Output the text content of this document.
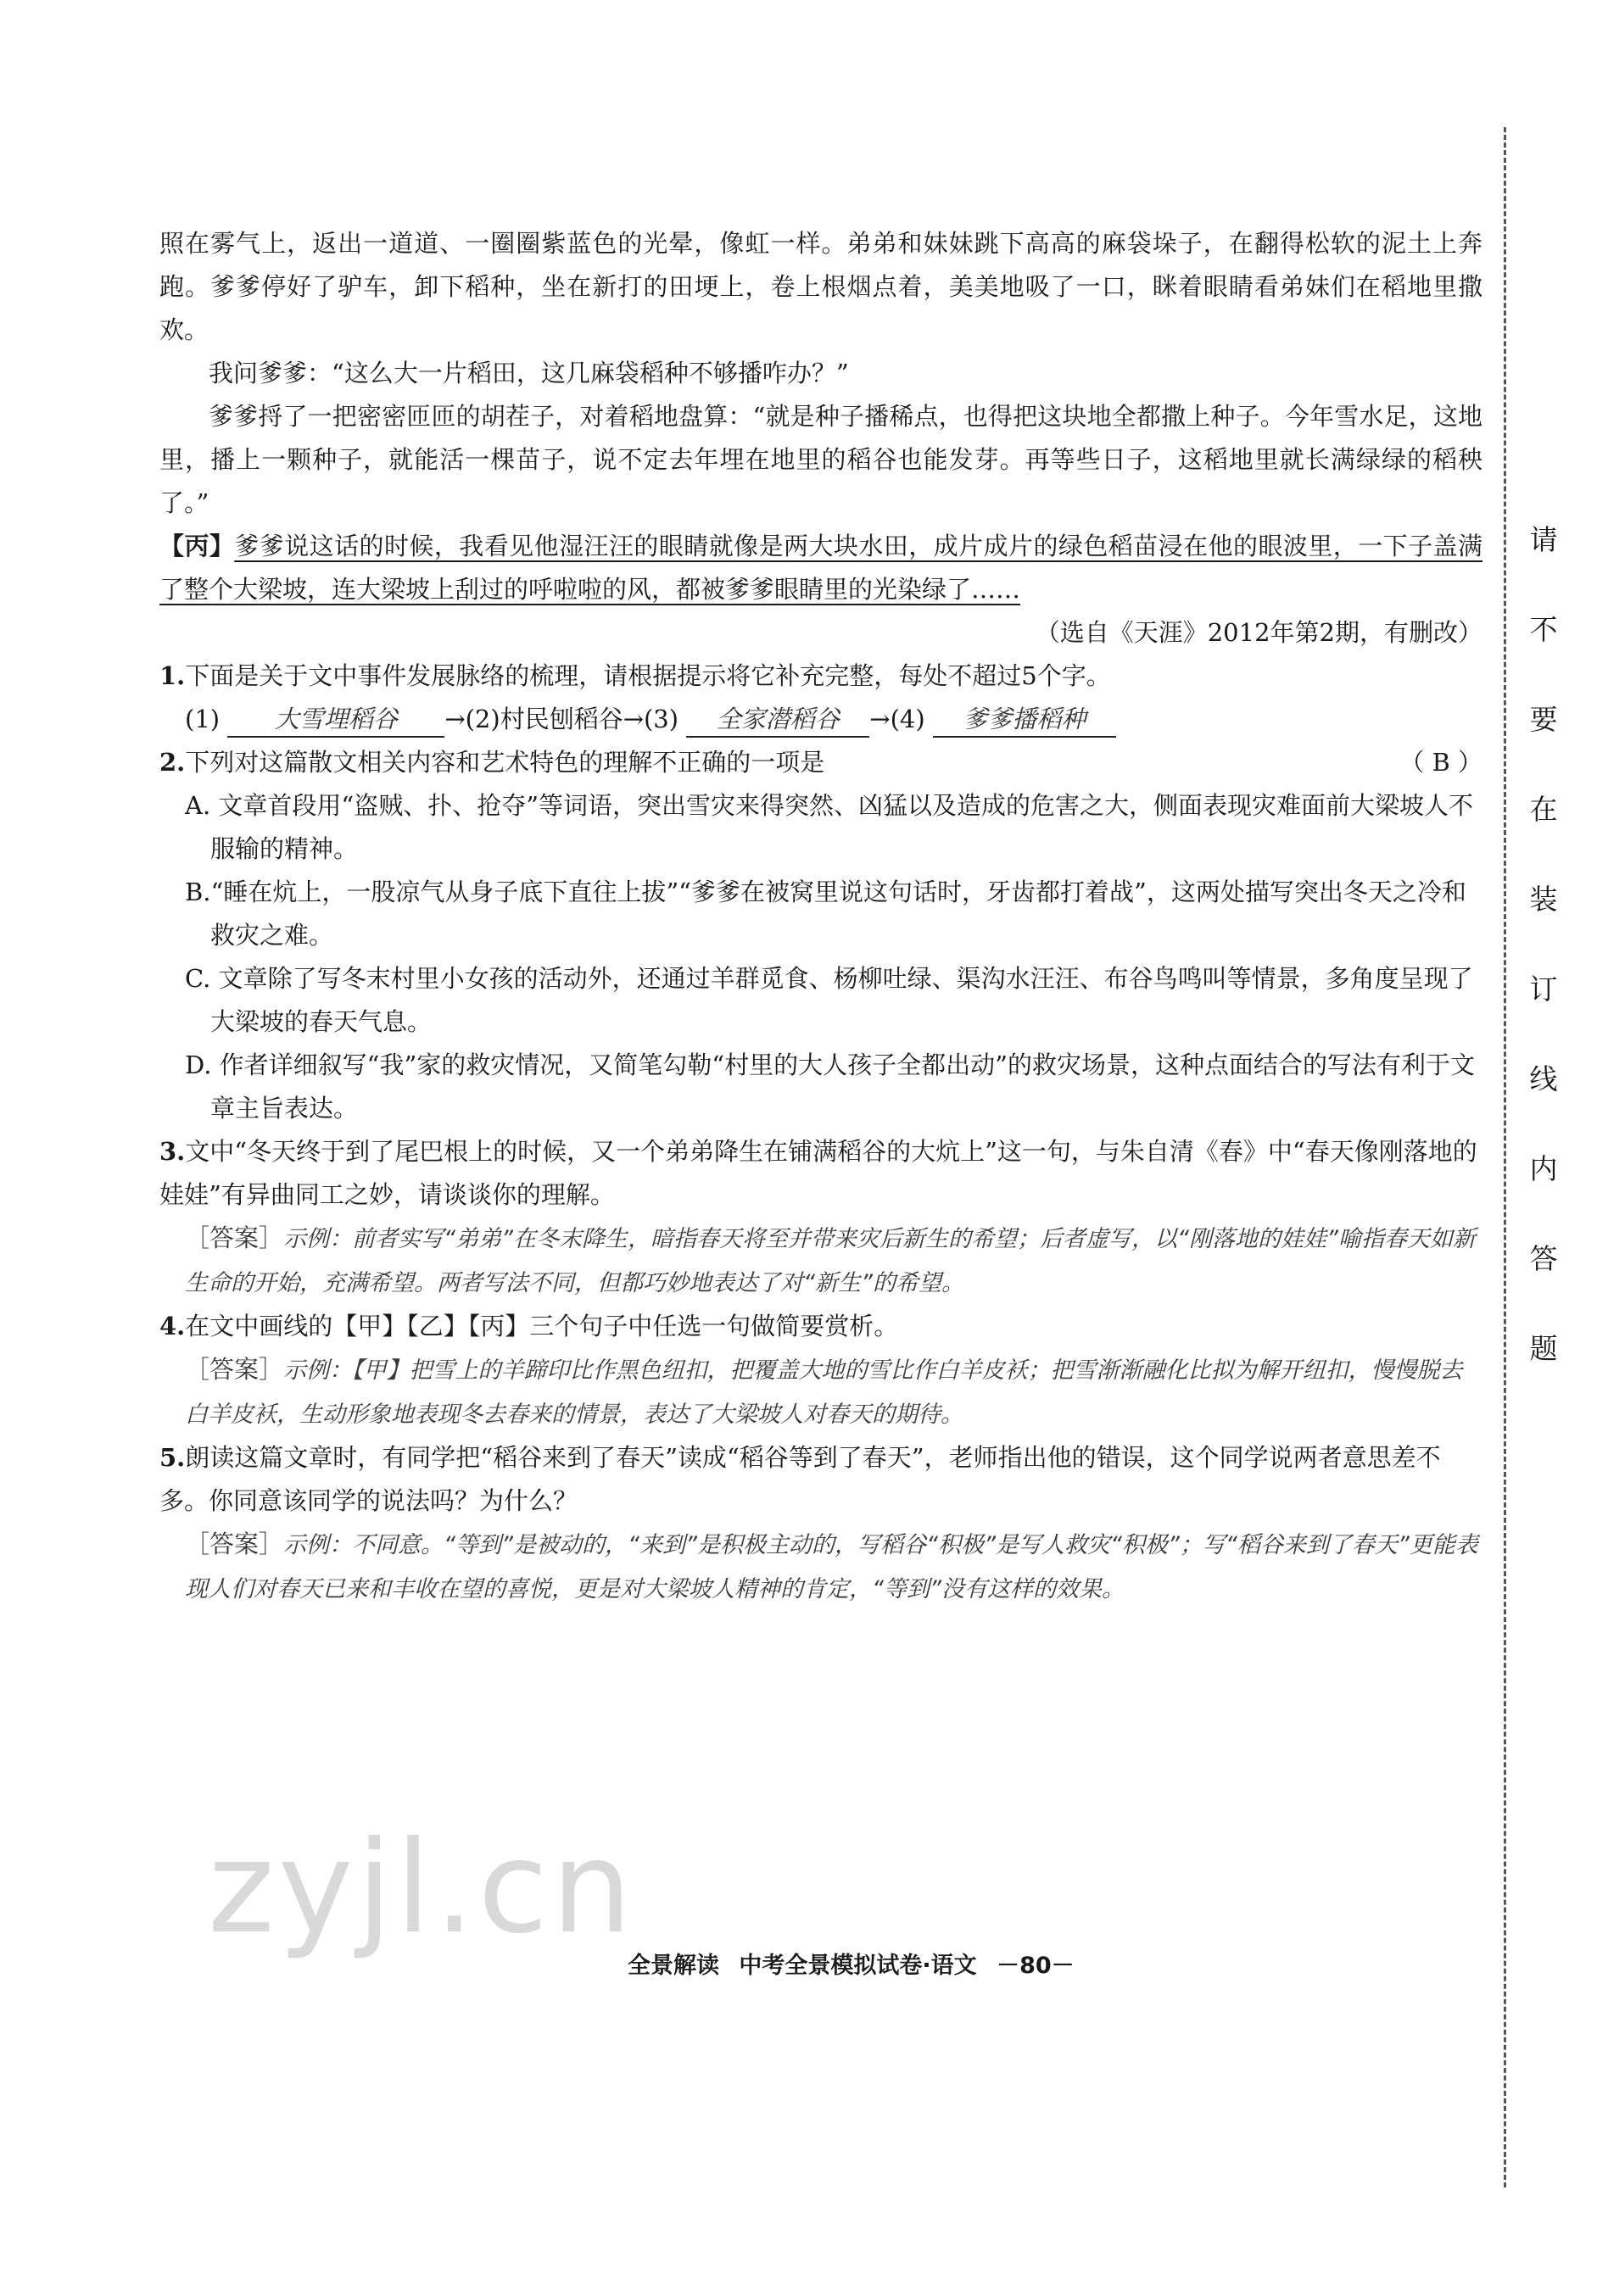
请
不
要
在
装
订
线
内
答
题

照在雾气上，返出一道道、一圈圈紫蓝色的光晕，像虹一样。弟弟和妹妹跳下高高的麻袋垛子，在翻得松软的泥土上奔跑。爹爹停好了驴车，卸下稻种，坐在新打的田埂上，卷上根烟点着，美美地吸了一口，眯着眼睛看弟妹们在稻地里撒欢。

我问爹爹：“这么大一片稻田，这几麻袋稻种不够播咋办？”

爹爹捋了一把密密匝匝的胡茬子，对着稻地盘算：“就是种子播稀点，也得把这块地全都撒上种子。今年雪水足，这地里，播上一颗种子，就能活一棵苗子，说不定去年埋在地里的稻谷也能发芽。再等些日子，这稻地里就长满绿绿的稻秧了。”

【丙】爹爹说这话的时候，我看见他湿汪汪的眼睛就像是两大块水田，成片成片的绿色稻苗浸在他的眼波里，一下子盖满了整个大梁坡，连大梁坡上刮过的呼啦啦的风，都被爹爹眼睛里的光染绿了……

（选自《天涯》2012年第2期，有删改）

1.下面是关于文中事件发展脉络的梳理，请根据提示将它补充完整，每处不超过5个字。

(1) 大雪埋稻谷 →(2)村民刨稻谷→(3) 全家潜稻谷 →(4) 爹爹播稻种

2.下列对这篇散文相关内容和艺术特色的理解不正确的一项是	（ B ）

A. 文章首段用“盗贼、扑、抢夺”等词语，突出雪灾来得突然、凶猛以及造成的危害之大，侧面表现灾难面前大梁坡人不服输的精神。

B.“睡在炕上，一股凉气从身子底下直往上拔”“爹爹在被窝里说这句话时，牙齿都打着战”，这两处描写突出冬天之冷和救灾之难。

C. 文章除了写冬末村里小女孩的活动外，还通过羊群觅食、杨柳吐绿、渠沟水汪汪、布谷鸟鸣叫等情景，多角度呈现了大梁坡的春天气息。

D. 作者详细叙写“我”家的救灾情况，又简笔勾勒“村里的大人孩子全都出动”的救灾场景，这种点面结合的写法有利于文章主旨表达。

3.文中“冬天终于到了尾巴根上的时候，又一个弟弟降生在铺满稻谷的大炕上”这一句，与朱自清《春》中“春天像刚落地的娃娃”有异曲同工之妙，请谈谈你的理解。

［答案］示例：前者实写“弟弟”在冬末降生，暗指春天将至并带来灾后新生的希望；后者虚写，以“刚落地的娃娃”喻指春天如新生命的开始，充满希望。两者写法不同，但都巧妙地表达了对“新生”的希望。

4.在文中画线的【甲】【乙】【丙】三个句子中任选一句做简要赏析。

［答案］示例：【甲】把雪上的羊蹄印比作黑色纽扣，把覆盖大地的雪比作白羊皮袄；把雪渐渐融化比拟为解开纽扣，慢慢脱去白羊皮袄，生动形象地表现冬去春来的情景，表达了大梁坡人对春天的期待。

5.朗读这篇文章时，有同学把“稻谷来到了春天”读成“稻谷等到了春天”，老师指出他的错误，这个同学说两者意思差不多。你同意该同学的说法吗？为什么？

［答案］示例：不同意。“等到”是被动的，“来到”是积极主动的，写稻谷“积极”是写人救灾“积极”；写“稻谷来到了春天”更能表现人们对春天已来和丰收在望的喜悦，更是对大梁坡人精神的肯定，“等到”没有这样的效果。

zyjl.cn
全景解读 中考全景模拟试卷·语文 －80－
